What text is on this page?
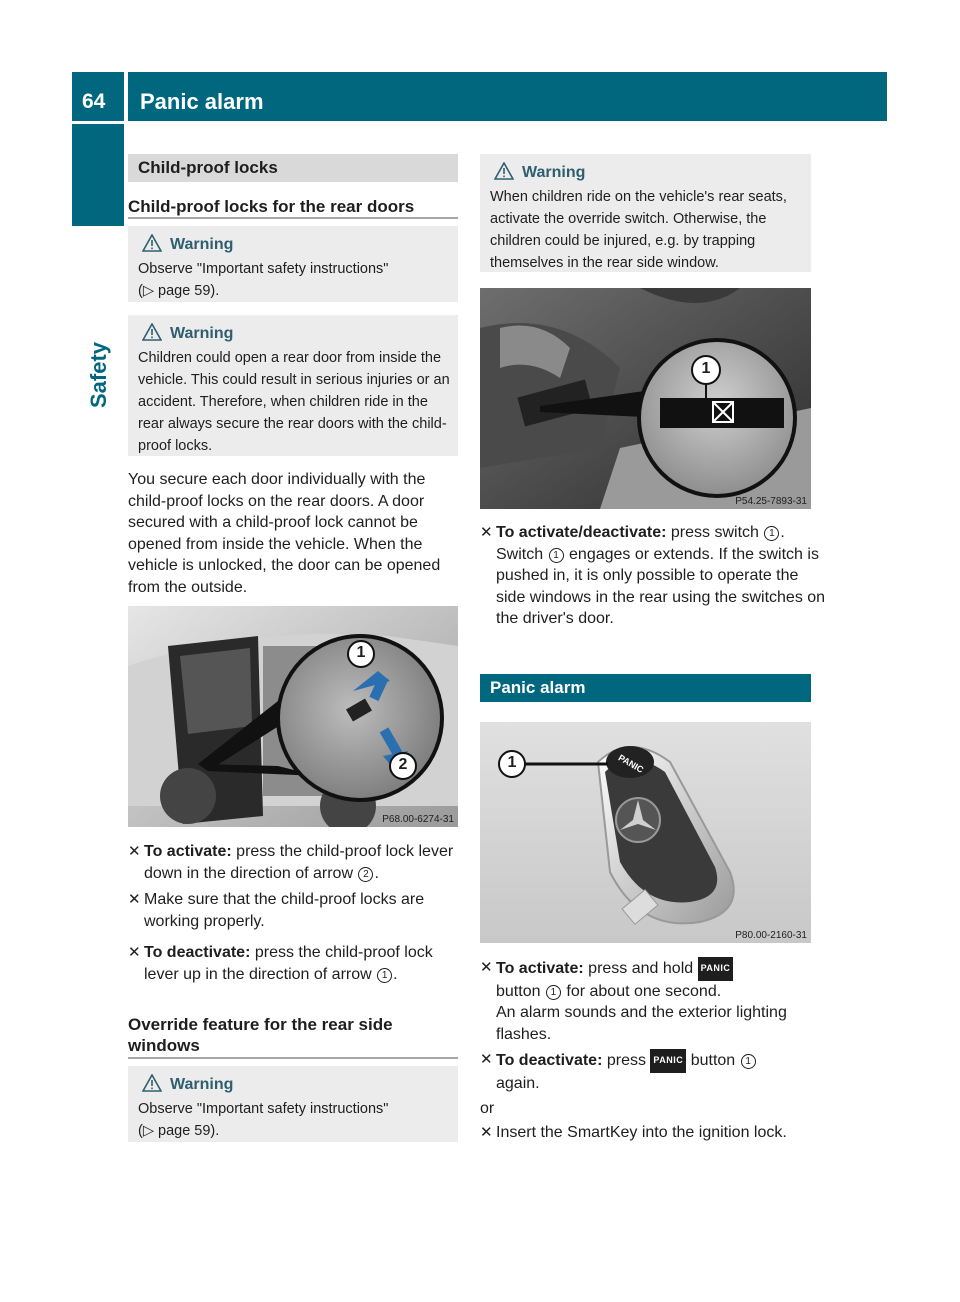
64 Panic alarm
Safety
Child-proof locks
Child-proof locks for the rear doors
Warning
Observe "Important safety instructions"
(▷ page 59).
Warning
Children could open a rear door from inside the vehicle. This could result in serious injuries or an accident. Therefore, when children ride in the rear always secure the rear doors with the child-proof locks.
You secure each door individually with the child-proof locks on the rear doors. A door secured with a child-proof lock cannot be opened from inside the vehicle. When the vehicle is unlocked, the door can be opened from the outside.
1
2
P68.00-6274-31
✕ To activate: press the child-proof lock lever down in the direction of arrow 2 .
✕ Make sure that the child-proof locks are working properly.
✕ To deactivate: press the child-proof lock lever up in the direction of arrow 1 .
Override feature for the rear side windows
Warning
Observe "Important safety instructions"
(▷ page 59).
Warning
When children ride on the vehicle's rear seats, activate the override switch. Otherwise, the children could be injured, e.g. by trapping themselves in the rear side window.
1
P54.25-7893-31
✕ To activate/deactivate: press switch 1 . Switch 1 engages or extends. If the switch is pushed in, it is only possible to operate the side windows in the rear using the switches on the driver's door.
Panic alarm
PANIC
1
P80.00-2160-31
✕ To activate: press and hold PANIC
button 1 for about one second.
An alarm sounds and the exterior lighting flashes.
✕ To deactivate: press PANIC button 1
again.
or
✕ Insert the SmartKey into the ignition lock.
